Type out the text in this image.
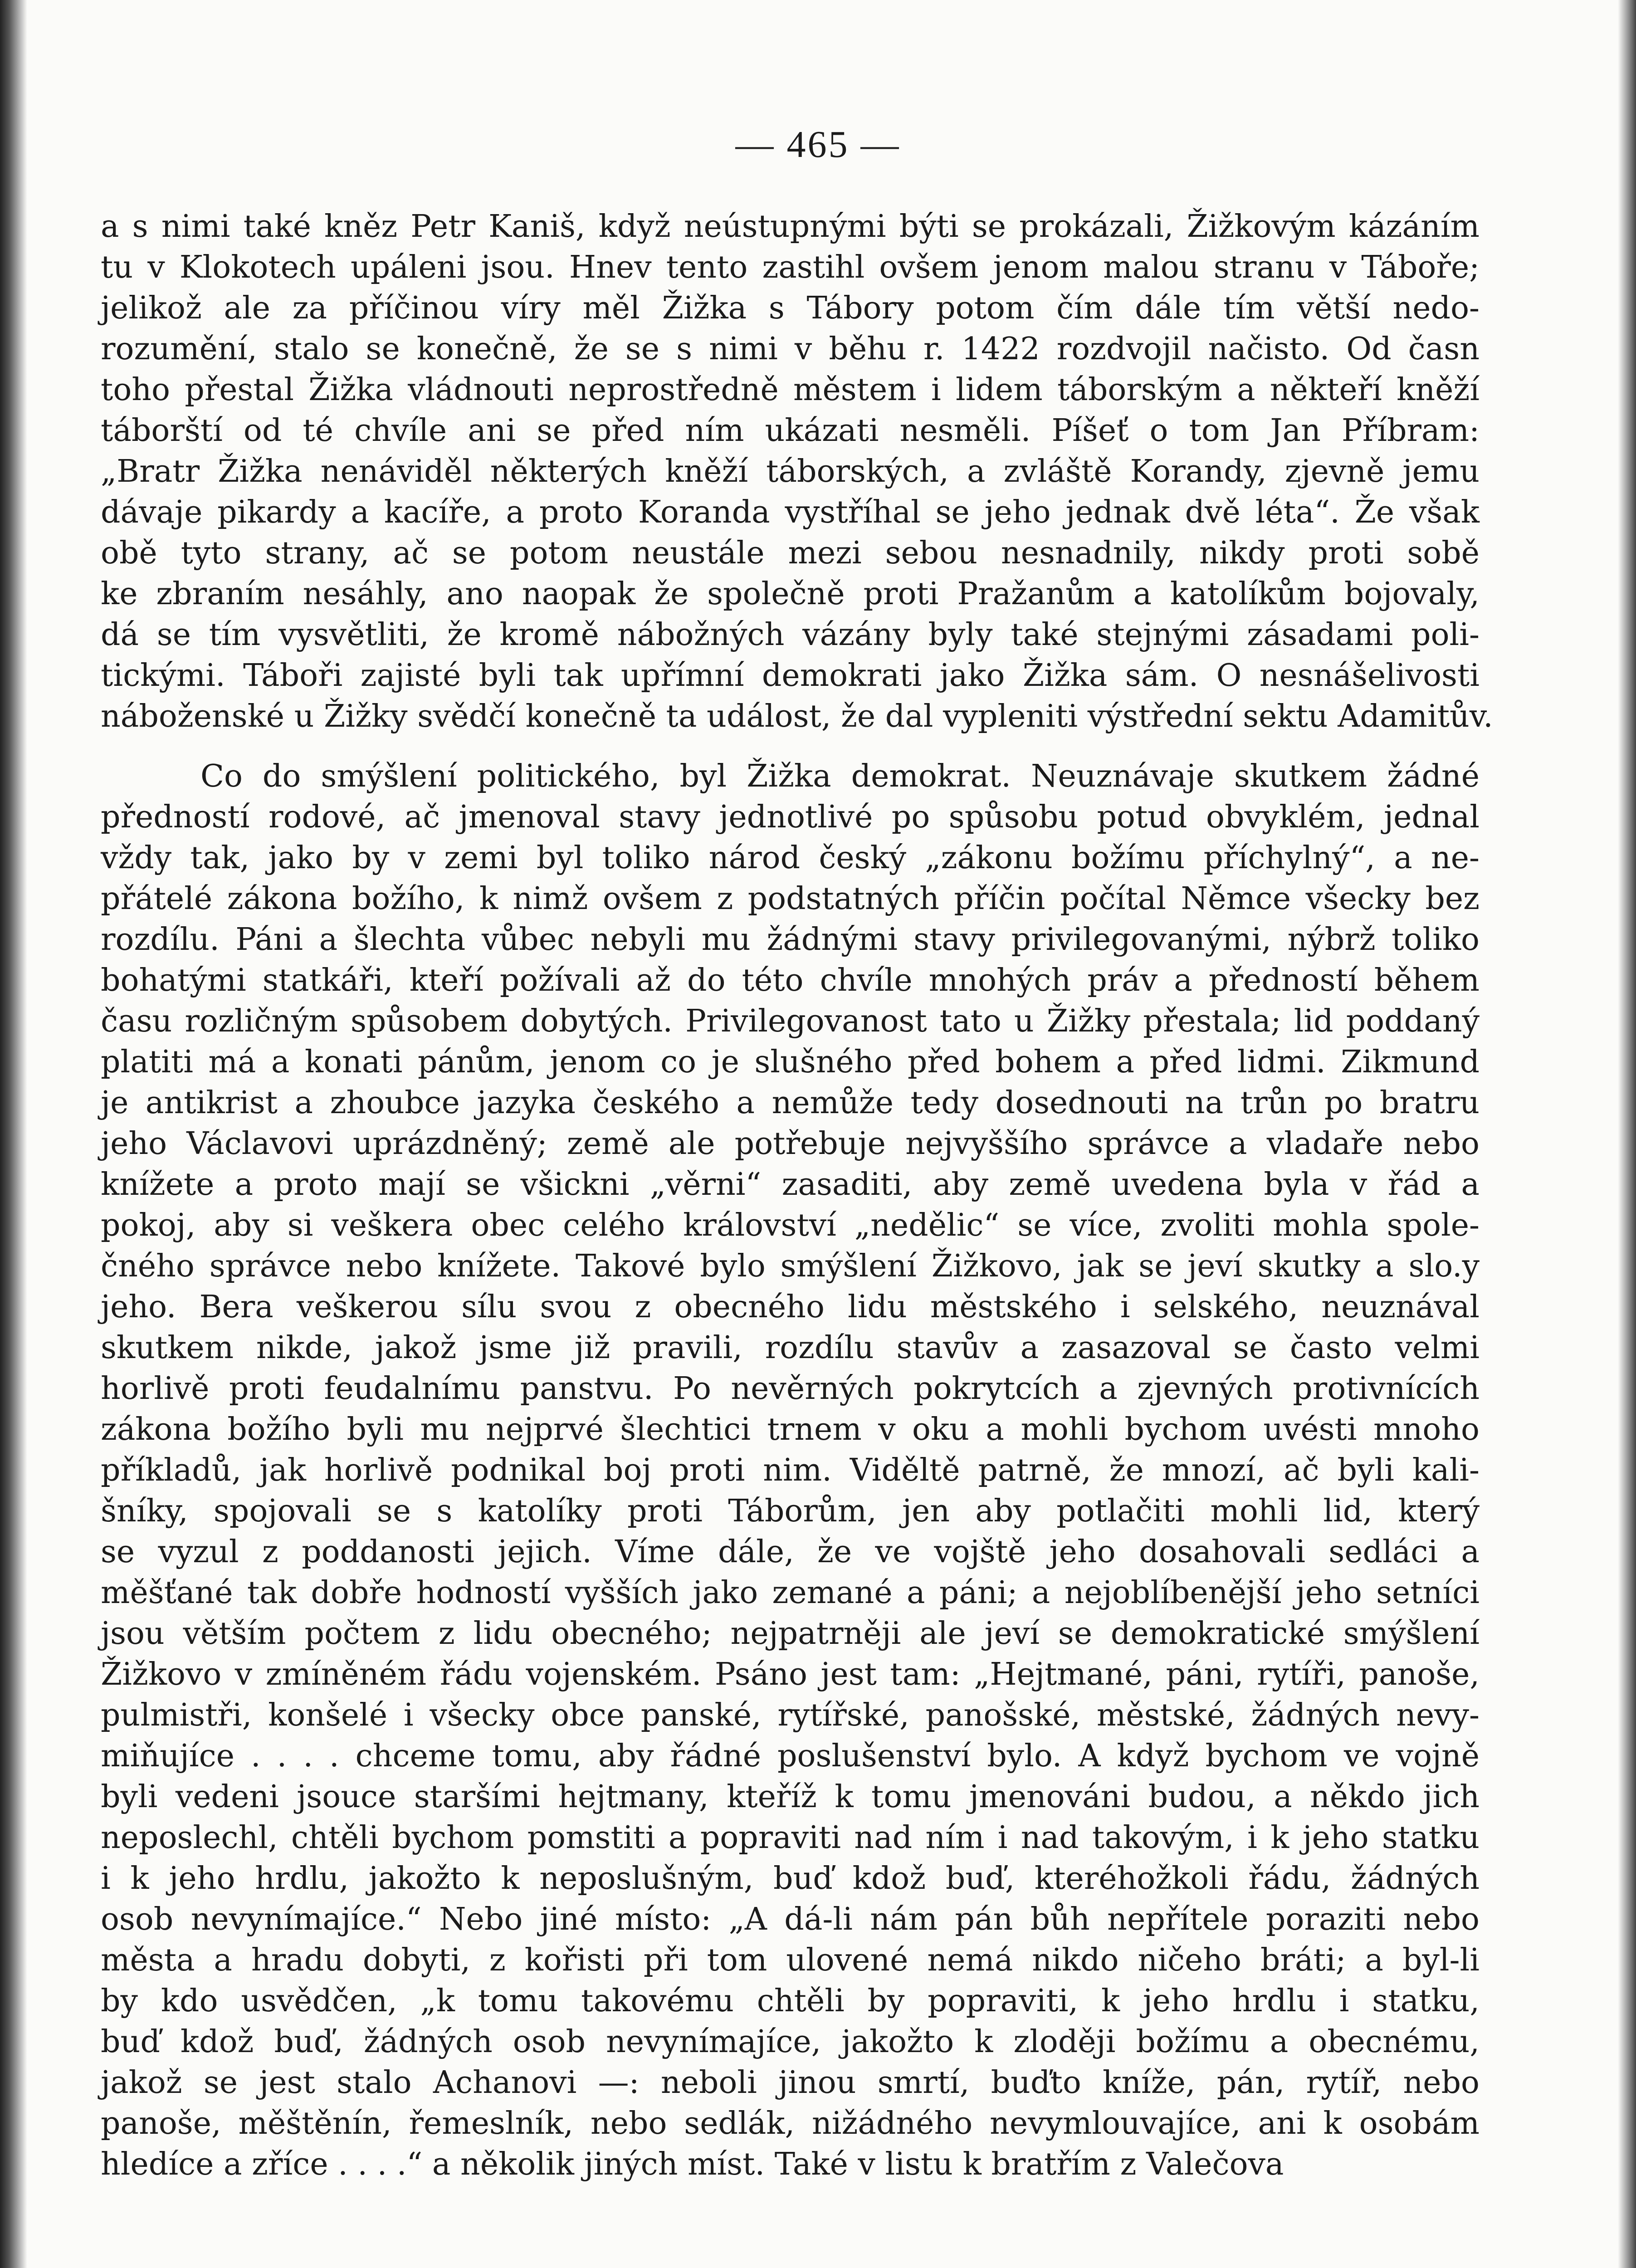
— 465 —
a s nimi také kněz Petr Kaniš, když neústupnými býti se prokázali, Žižkovým kázáním
tu v Klokotech upáleni jsou. Hnev tento zastihl ovšem jenom malou stranu v Táboře;
jelikož ale za příčinou víry měl Žižka s Tábory potom čím dále tím větší nedo-
rozumění, stalo se konečně, že se s nimi v běhu r. 1422 rozdvojil načisto. Od časn
toho přestal Žižka vládnouti neprostředně městem i lidem táborským a někteří kněží
táborští od té chvíle ani se před ním ukázati nesměli. Píšeť o tom Jan Příbram:
„Bratr Žižka nenáviděl některých kněží táborských, a zvláště Korandy, zjevně jemu
dávaje pikardy a kacíře, a proto Koranda vystříhal se jeho jednak dvě léta“. Že však
obě tyto strany, ač se potom neustále mezi sebou nesnadnily, nikdy proti sobě
ke zbraním nesáhly, ano naopak že společně proti Pražanům a katolíkům bojovaly,
dá se tím vysvětliti, že kromě nábožných vázány byly také stejnými zásadami poli-
tickými. Táboři zajisté byli tak upřímní demokrati jako Žižka sám. O nesnášelivosti
náboženské u Žižky svědčí konečně ta událost, že dal vypleniti výstřední sektu Adamitův.
Co do smýšlení politického, byl Žižka demokrat. Neuznávaje skutkem žádné
předností rodové, ač jmenoval stavy jednotlivé po spůsobu potud obvyklém, jednal
vždy tak, jako by v zemi byl toliko národ český „zákonu božímu příchylný“, a ne-
přátelé zákona božího, k nimž ovšem z podstatných příčin počítal Němce všecky bez
rozdílu. Páni a šlechta vůbec nebyli mu žádnými stavy privilegovanými, nýbrž toliko
bohatými statkáři, kteří požívali až do této chvíle mnohých práv a předností během
času rozličným spůsobem dobytých. Privilegovanost tato u Žižky přestala; lid poddaný
platiti má a konati pánům, jenom co je slušného před bohem a před lidmi. Zikmund
je antikrist a zhoubce jazyka českého a nemůže tedy dosednouti na trůn po bratru
jeho Václavovi uprázdněný; země ale potřebuje nejvyššího správce a vladaře nebo
knížete a proto mají se všickni „věrni“ zasaditi, aby země uvedena byla v řád a
pokoj, aby si veškera obec celého království „nedělic“ se více, zvoliti mohla spole-
čného správce nebo knížete. Takové bylo smýšlení Žižkovo, jak se jeví skutky a slo.y
jeho. Bera veškerou sílu svou z obecného lidu městského i selského, neuznával
skutkem nikde, jakož jsme již pravili, rozdílu stavův a zasazoval se často velmi
horlivě proti feudalnímu panstvu. Po nevěrných pokrytcích a zjevných protivnících
zákona božího byli mu nejprvé šlechtici trnem v oku a mohli bychom uvésti mnoho
příkladů, jak horlivě podnikal boj proti nim. Viděltě patrně, že mnozí, ač byli kali-
šníky, spojovali se s katolíky proti Táborům, jen aby potlačiti mohli lid, který
se vyzul z poddanosti jejich. Víme dále, že ve vojště jeho dosahovali sedláci a
měšťané tak dobře hodností vyšších jako zemané a páni; a nejoblíbenější jeho setníci
jsou větším počtem z lidu obecného; nejpatrněji ale jeví se demokratické smýšlení
Žižkovo v zmíněném řádu vojenském. Psáno jest tam: „Hejtmané, páni, rytíři, panoše,
pulmistři, konšelé i všecky obce panské, rytířské, panošské, městské, žádných nevy-
miňujíce . . . . chceme tomu, aby řádné poslušenství bylo. A když bychom ve vojně
byli vedeni jsouce staršími hejtmany, kteříž k tomu jmenováni budou, a někdo jich
neposlechl, chtěli bychom pomstiti a popraviti nad ním i nad takovým, i k jeho statku
i k jeho hrdlu, jakožto k neposlušným, buď kdož buď, kteréhožkoli řádu, žádných
osob nevynímajíce.“ Nebo jiné místo: „A dá-li nám pán bůh nepřítele poraziti nebo
města a hradu dobyti, z kořisti při tom ulovené nemá nikdo ničeho bráti; a byl-li
by kdo usvědčen, „k tomu takovému chtěli by popraviti, k jeho hrdlu i statku,
buď kdož buď, žádných osob nevynímajíce, jakožto k zloději božímu a obecnému,
jakož se jest stalo Achanovi —: neboli jinou smrtí, buďto kníže, pán, rytíř, nebo
panoše, měštěnín, řemeslník, nebo sedlák, nižádného nevymlouvajíce, ani k osobám
hledíce a zříce . . . .“ a několik jiných míst. Také v listu k bratřím z Valečova
